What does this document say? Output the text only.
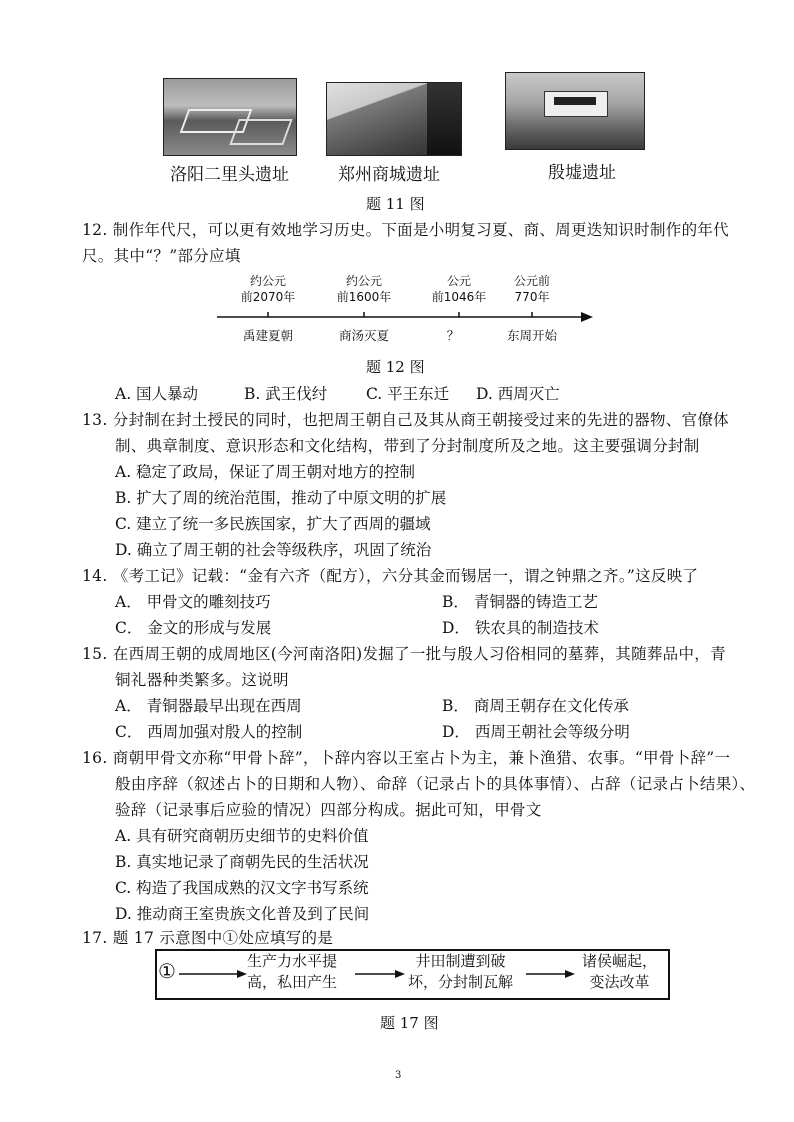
洛阳二里头遗址	郑州商城遗址	殷墟遗址
题 11 图
12. 制作年代尺，可以更有效地学习历史。下面是小明复习夏、商、周更迭知识时制作的年代
尺。其中“？”部分应填
约公元
前2070年
约公元
前1600年
公元
前1046年
公元前
770年
禹建夏朝	商汤灭夏	？	东周开始
题 12 图
A. 国人暴动	B. 武王伐纣	C. 平王东迁 D. 西周灭亡
13. 分封制在封土授民的同时，也把周王朝自己及其从商王朝接受过来的先进的器物、官僚体
制、典章制度、意识形态和文化结构，带到了分封制度所及之地。这主要强调分封制
A. 稳定了政局，保证了周王朝对地方的控制
B. 扩大了周的统治范围，推动了中原文明的扩展
C. 建立了统一多民族国家，扩大了西周的疆域
D. 确立了周王朝的社会等级秩序，巩固了统治
14. 《考工记》记载：“金有六齐（配方），六分其金而锡居一，谓之钟鼎之齐。”这反映了
A． 甲骨文的雕刻技巧	B． 青铜器的铸造工艺
C． 金文的形成与发展	D． 铁农具的制造技术
15. 在西周王朝的成周地区(今河南洛阳)发掘了一批与殷人习俗相同的墓葬，其随葬品中，青
铜礼器种类繁多。这说明
A． 青铜器最早出现在西周	B． 商周王朝存在文化传承
C． 西周加强对殷人的控制	D． 西周王朝社会等级分明
16. 商朝甲骨文亦称“甲骨卜辞”，卜辞内容以王室占卜为主，兼卜渔猎、农事。“甲骨卜辞”一
般由序辞（叙述占卜的日期和人物）、命辞（记录占卜的具体事情）、占辞（记录占卜结果）、
验辞（记录事后应验的情况）四部分构成。据此可知，甲骨文
A. 具有研究商朝历史细节的史料价值
B. 真实地记录了商朝先民的生活状况
C. 构造了我国成熟的汉文字书写系统
D. 推动商王室贵族文化普及到了民间
17. 题 17 示意图中①处应填写的是
①	生产力水平提
高，私田产生
井田制遭到破
坏，分封制瓦解
诸侯崛起，
变法改革
题 17 图
3
